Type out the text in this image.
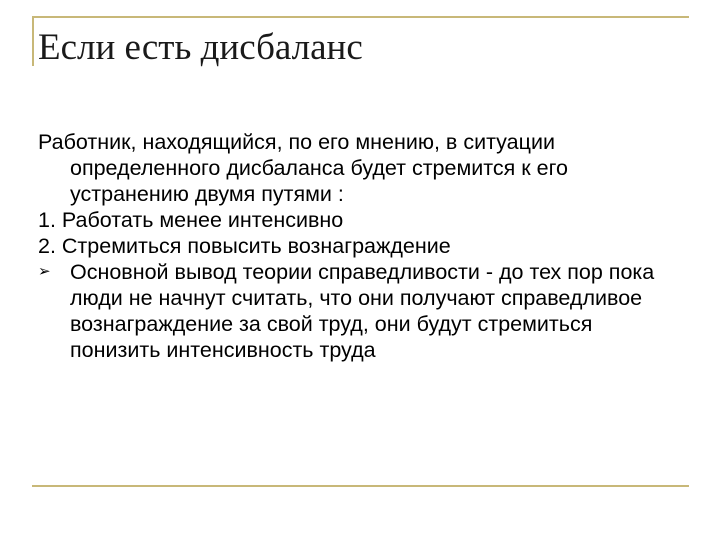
Если есть дисбаланс

Работник, находящийся, по его мнению, в ситуации определенного дисбаланса будет стремится к его устранению двумя путями :

1. Работать менее интенсивно

2. Стремиться повысить вознаграждение

➢ Основной вывод теории справедливости - до тех пор пока люди не начнут считать, что они получают справедливое вознаграждение за свой труд, они будут стремиться понизить интенсивность труда
